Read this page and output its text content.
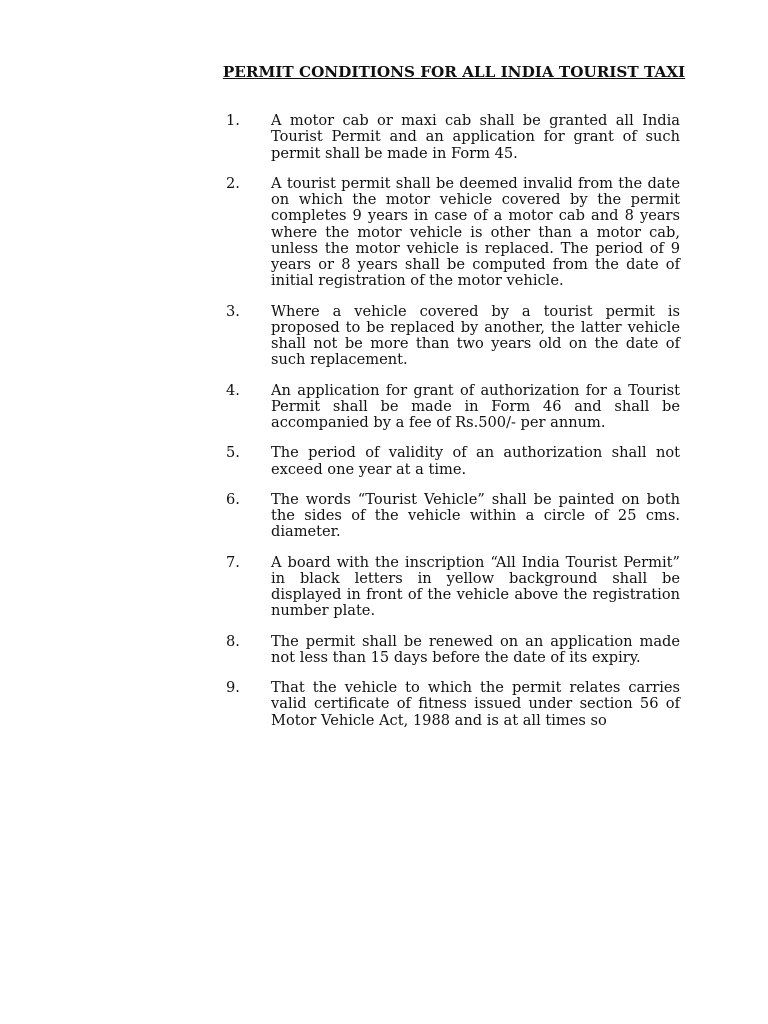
PERMIT CONDITIONS FOR ALL INDIA TOURIST TAXI
1.	A motor cab or maxi cab shall be granted all India Tourist Permit and an application for grant of such permit shall be made in Form 45.
2.	A tourist permit shall be deemed invalid from the date on which the motor vehicle covered by the permit completes 9 years in case of a motor cab and 8 years where the motor vehicle is other than a motor cab, unless the motor vehicle is replaced. The period of 9 years or 8 years shall be computed from the date of initial registration of the motor vehicle.
3.	Where a vehicle covered by a tourist permit is proposed to be replaced by another, the latter vehicle shall not be more than two years old on the date of such replacement.
4.	An application for grant of authorization for a Tourist Permit shall be made in Form 46 and shall be accompanied by a fee of Rs.500/- per annum.
5.	The period of validity of an authorization shall not exceed one year at a time.
6.	The words “Tourist Vehicle” shall be painted on both the sides of the vehicle within a circle of 25 cms. diameter.
7.	A board with the inscription “All India Tourist Permit” in black letters in yellow background shall be displayed in front of the vehicle above the registration number plate.
8.	The permit shall be renewed on an application made not less than 15 days before the date of its expiry.
9.	That the vehicle to which the permit relates carries valid certificate of fitness issued under section 56 of Motor Vehicle Act, 1988 and is at all times so
